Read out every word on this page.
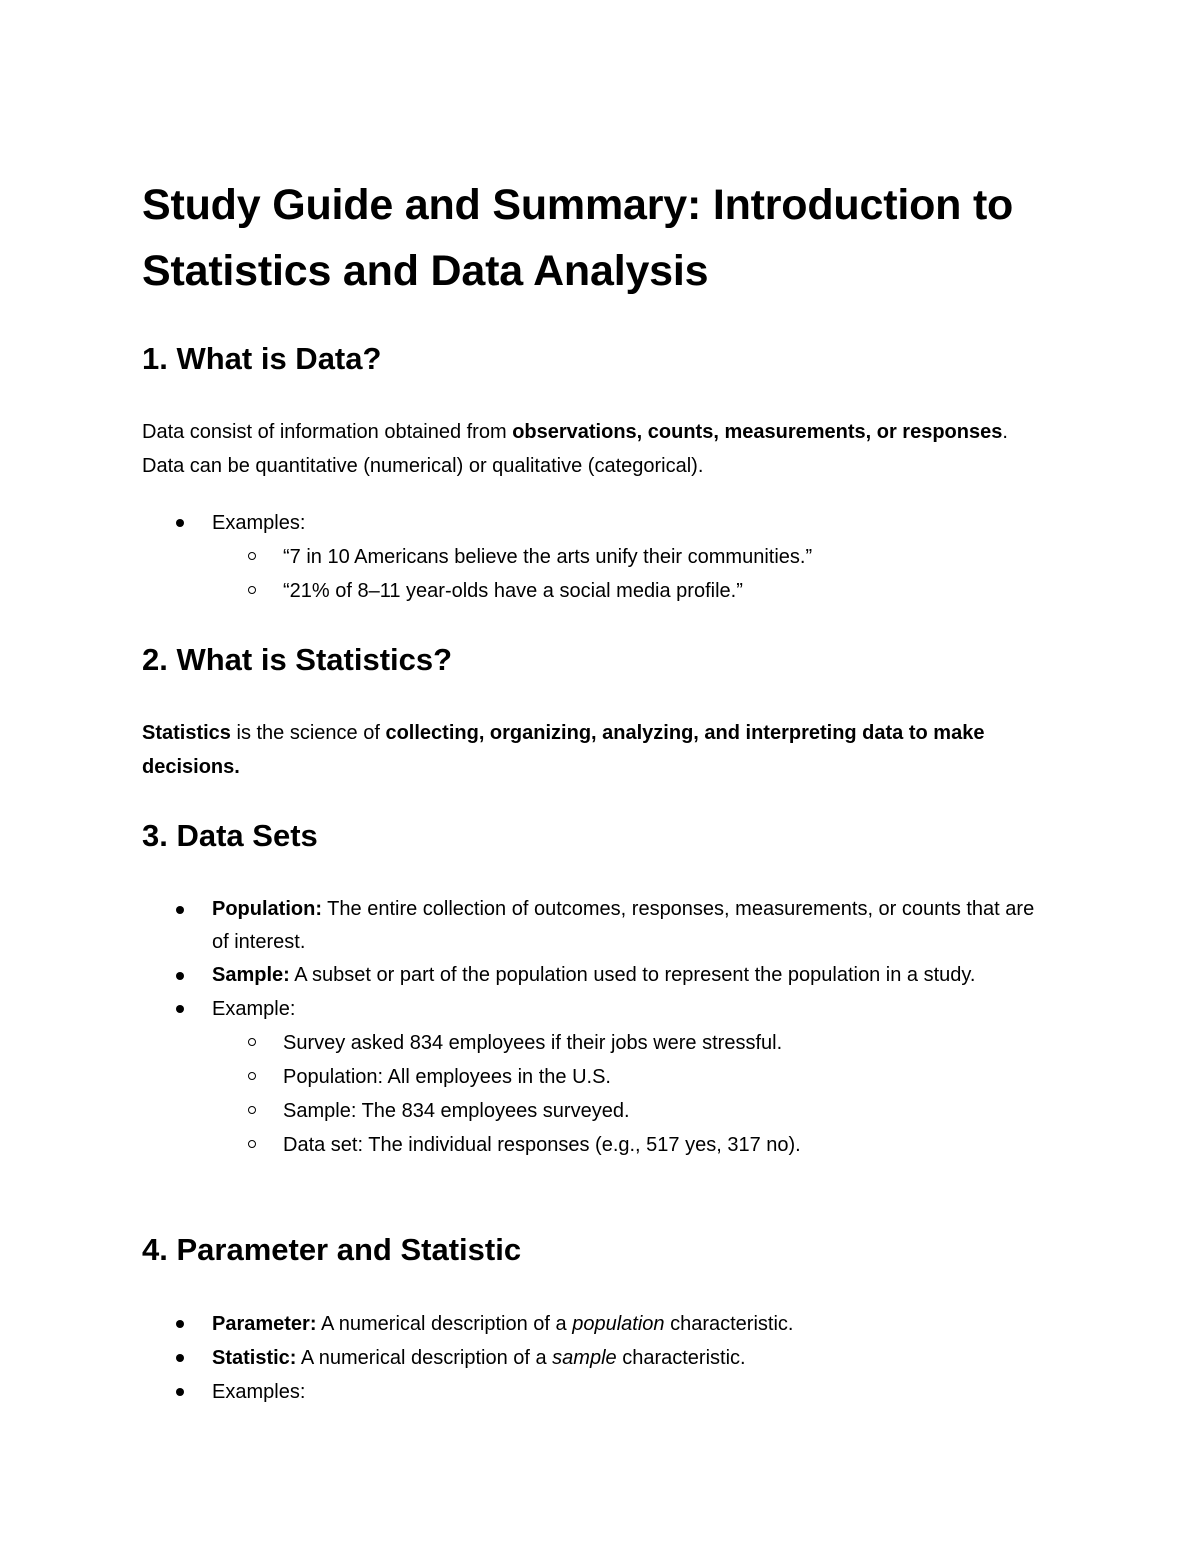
Study Guide and Summary: Introduction to Statistics and Data Analysis
1. What is Data?

Data consist of information obtained from observations, counts, measurements, or responses. Data can be quantitative (numerical) or qualitative (categorical).

Examples:
“7 in 10 Americans believe the arts unify their communities.”
“21% of 8–11 year-olds have a social media profile.”
2. What is Statistics?

Statistics is the science of collecting, organizing, analyzing, and interpreting data to make decisions.

3. Data Sets
Population: The entire collection of outcomes, responses, measurements, or counts that are of interest.
Sample: A subset or part of the population used to represent the population in a study.
Example:
Survey asked 834 employees if their jobs were stressful.
Population: All employees in the U.S.
Sample: The 834 employees surveyed.
Data set: The individual responses (e.g., 517 yes, 317 no).
4. Parameter and Statistic
Parameter: A numerical description of a population characteristic.
Statistic: A numerical description of a sample characteristic.
Examples:
